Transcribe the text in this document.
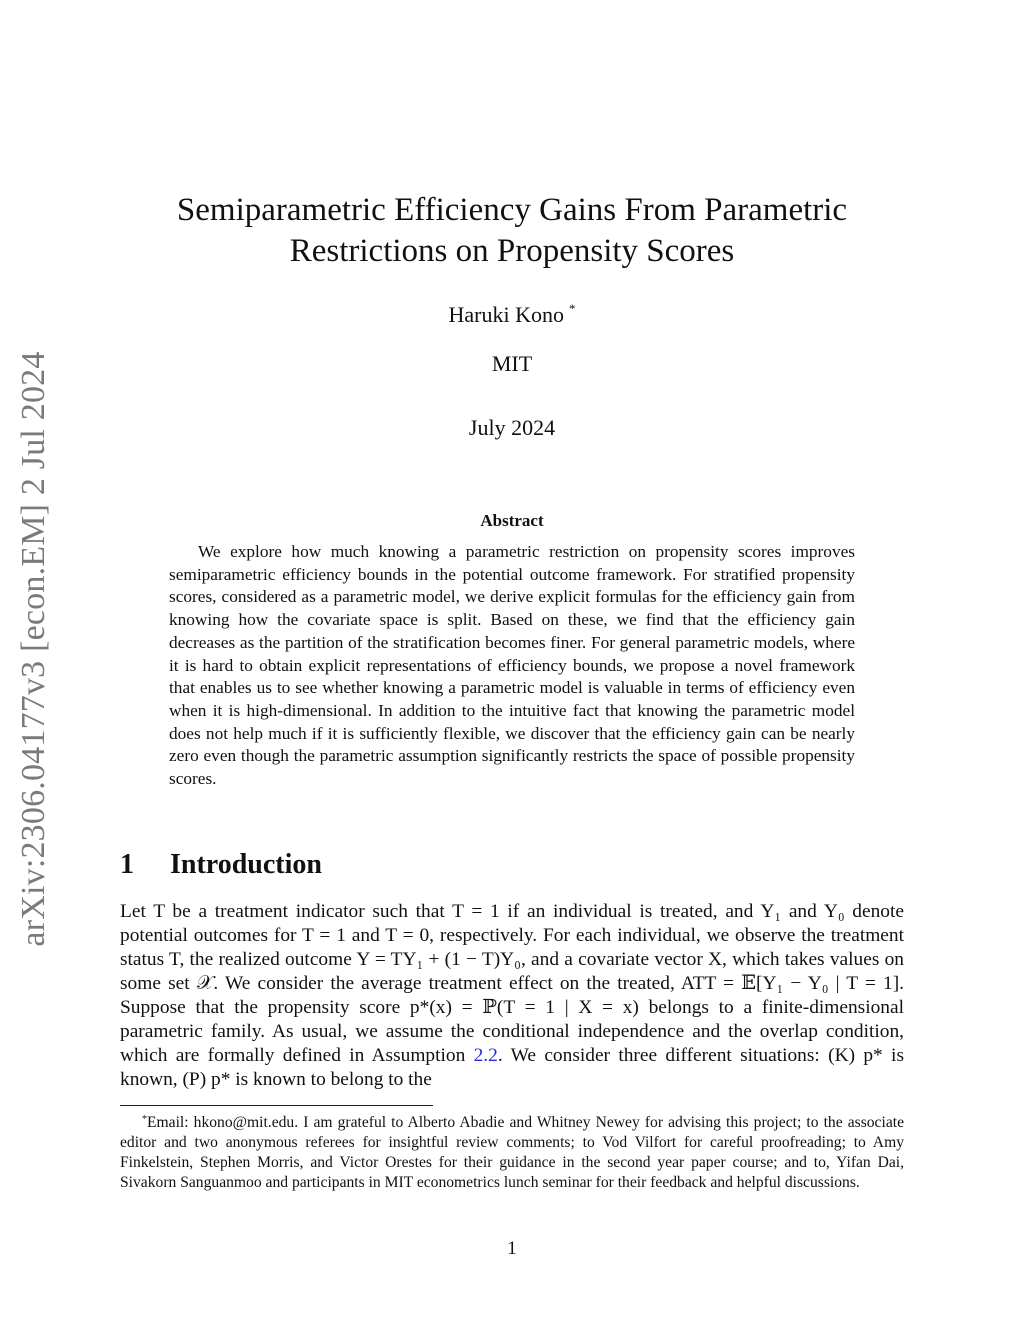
arXiv:2306.04177v3 [econ.EM] 2 Jul 2024
Semiparametric Efficiency Gains From Parametric Restrictions on Propensity Scores
Haruki Kono *
MIT
July 2024
Abstract

We explore how much knowing a parametric restriction on propensity scores improves semiparametric efficiency bounds in the potential outcome framework. For stratified propensity scores, considered as a parametric model, we derive explicit formulas for the efficiency gain from knowing how the covariate space is split. Based on these, we find that the efficiency gain decreases as the partition of the stratification becomes finer. For general parametric models, where it is hard to obtain explicit representations of efficiency bounds, we propose a novel framework that enables us to see whether knowing a parametric model is valuable in terms of efficiency even when it is high-dimensional. In addition to the intuitive fact that knowing the parametric model does not help much if it is sufficiently flexible, we discover that the efficiency gain can be nearly zero even though the parametric assumption significantly restricts the space of possible propensity scores.

1 Introduction

Let T be a treatment indicator such that T = 1 if an individual is treated, and Y₁ and Y₀ denote potential outcomes for T = 1 and T = 0, respectively. For each individual, we observe the treatment status T, the realized outcome Y = TY₁ + (1 − T)Y₀, and a covariate vector X, which takes values on some set 𝒳. We consider the average treatment effect on the treated, ATT = 𝔼[Y₁ − Y₀ | T = 1]. Suppose that the propensity score p*(x) = ℙ(T = 1 | X = x) belongs to a finite-dimensional parametric family. As usual, we assume the conditional independence and the overlap condition, which are formally defined in Assumption 2.2. We consider three different situations: (K) p* is known, (P) p* is known to belong to the

*Email: hkono@mit.edu. I am grateful to Alberto Abadie and Whitney Newey for advising this project; to the associate editor and two anonymous referees for insightful review comments; to Vod Vilfort for careful proofreading; to Amy Finkelstein, Stephen Morris, and Victor Orestes for their guidance in the second year paper course; and to, Yifan Dai, Sivakorn Sanguanmoo and participants in MIT econometrics lunch seminar for their feedback and helpful discussions.

1
